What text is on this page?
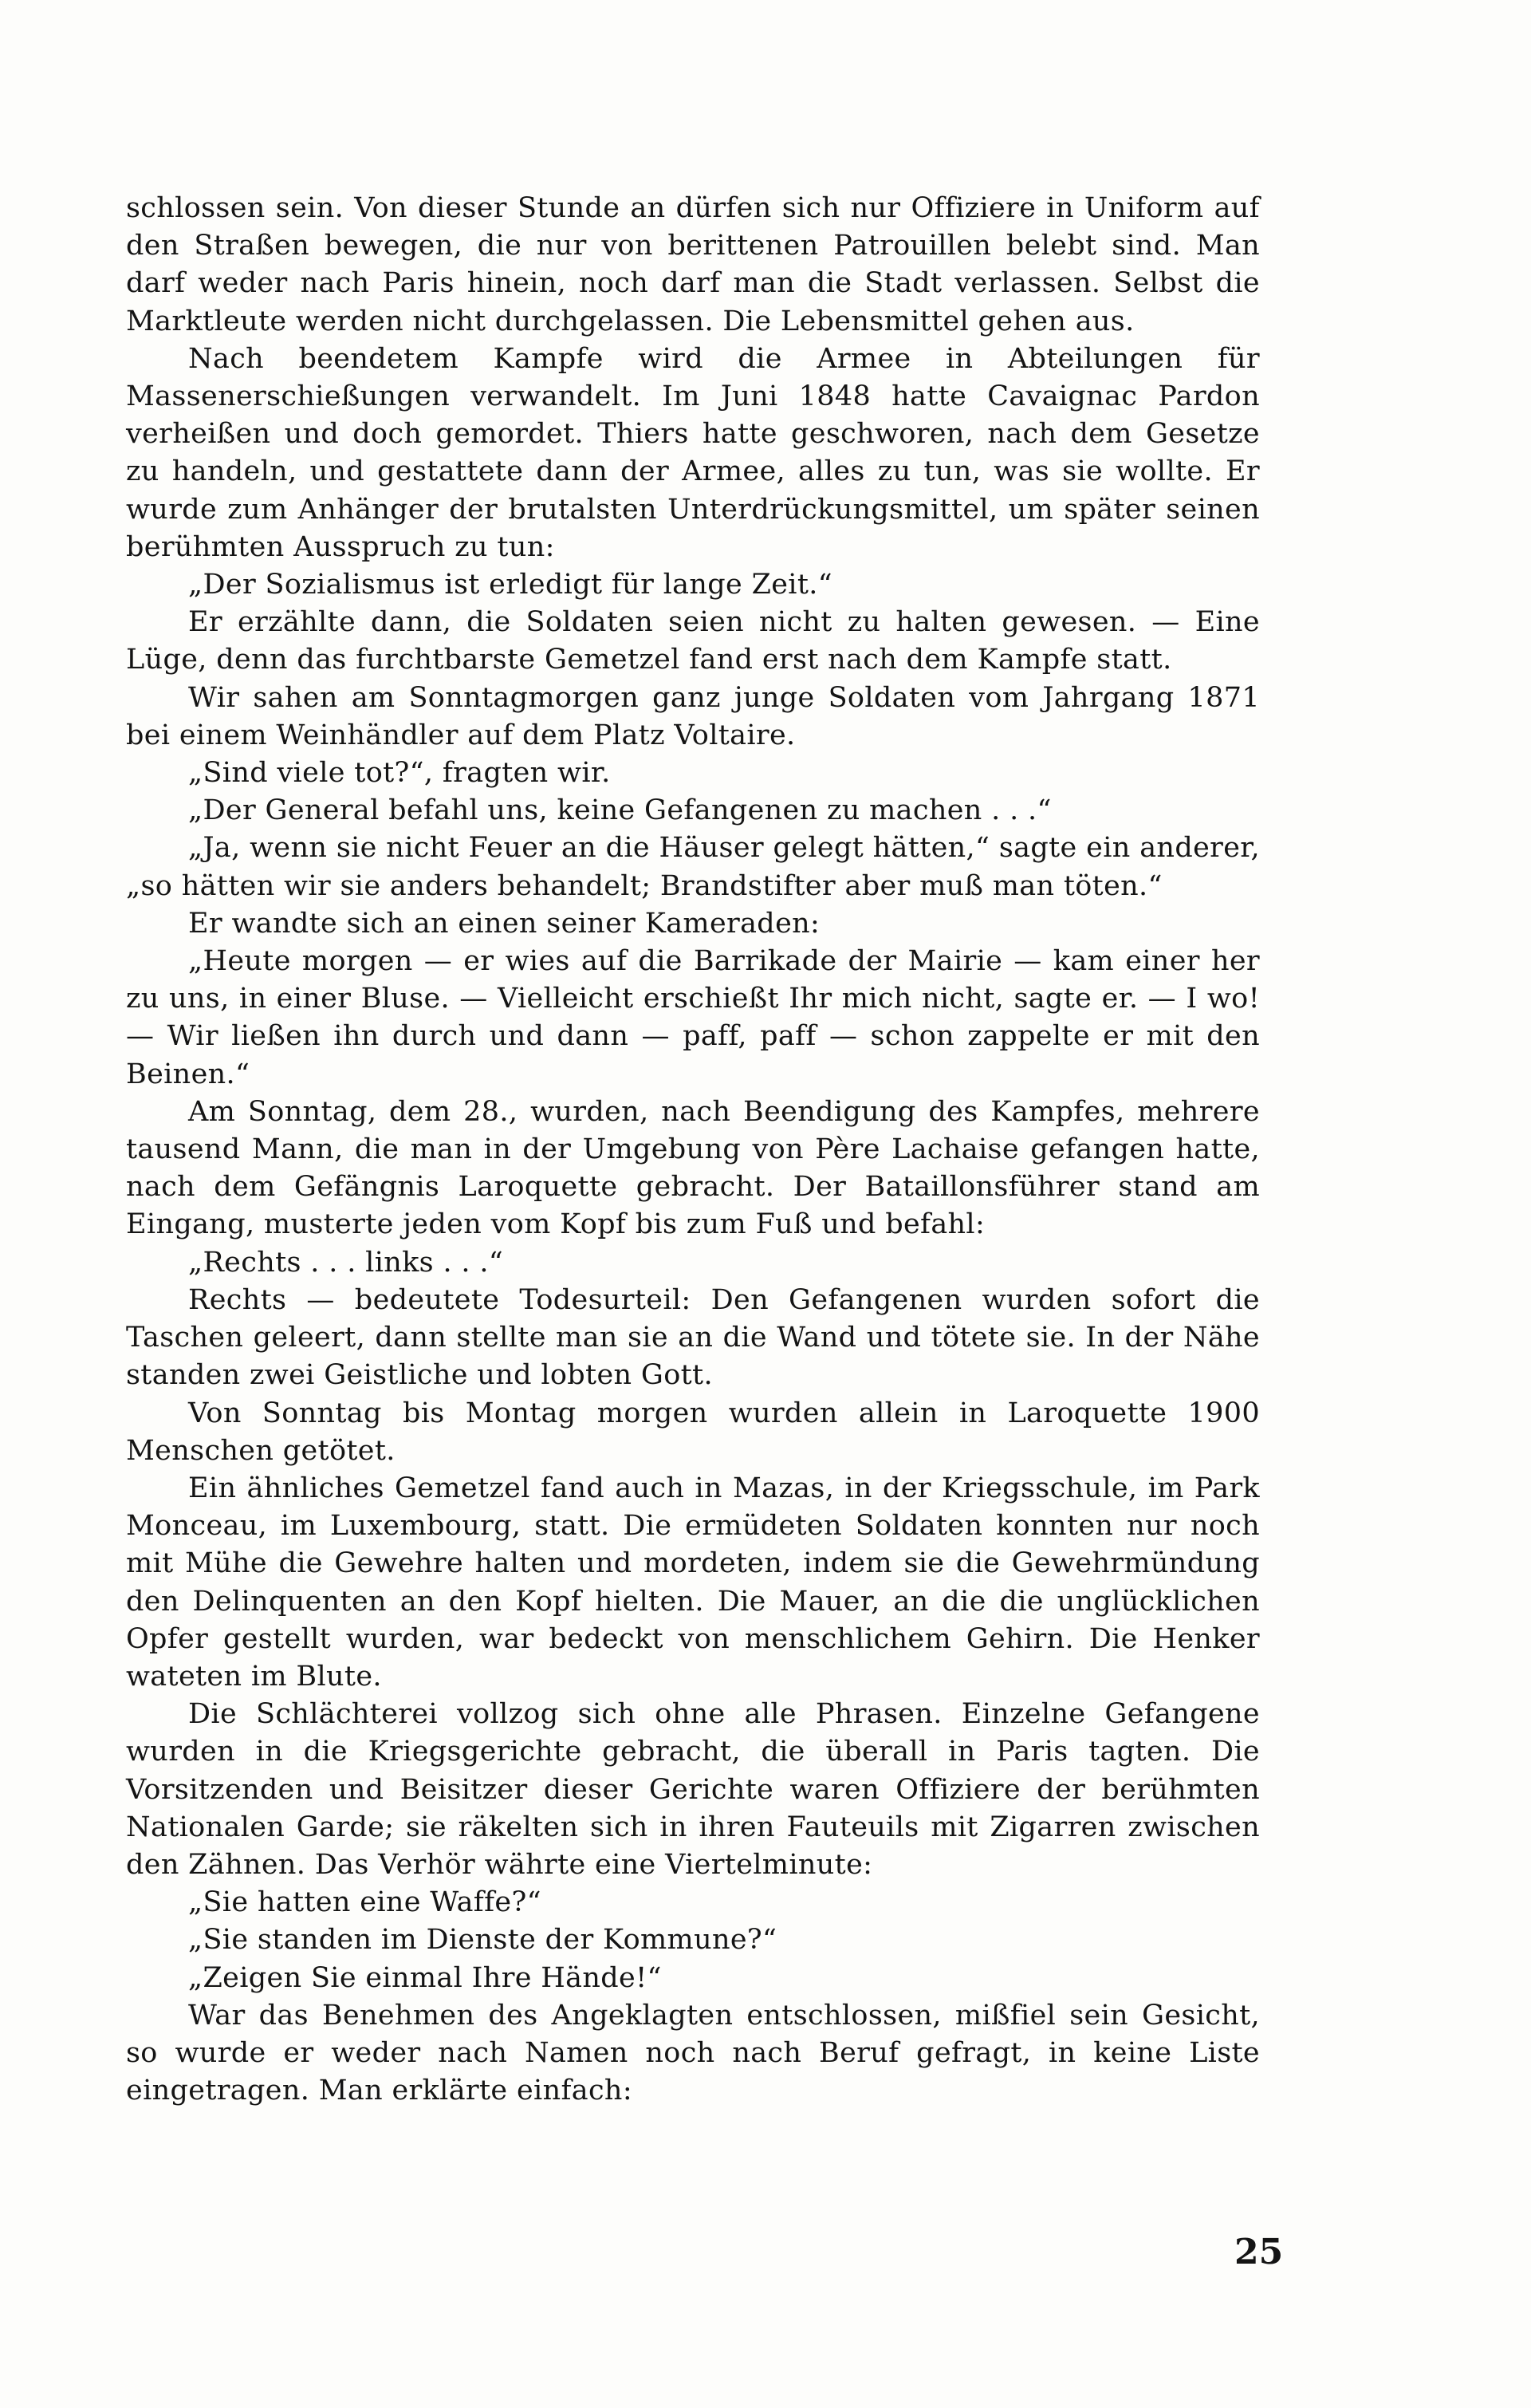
schlossen sein. Von dieser Stunde an dürfen sich nur Offiziere in Uniform auf den Straßen bewegen, die nur von berittenen Patrouillen belebt sind. Man darf weder nach Paris hinein, noch darf man die Stadt verlassen. Selbst die Marktleute werden nicht durchgelassen. Die Lebensmittel gehen aus.

Nach beendetem Kampfe wird die Armee in Abteilungen für Massenerschießungen verwandelt. Im Juni 1848 hatte Cavaignac Pardon verheißen und doch gemordet. Thiers hatte geschworen, nach dem Gesetze zu handeln, und gestattete dann der Armee, alles zu tun, was sie wollte. Er wurde zum Anhänger der brutalsten Unterdrückungsmittel, um später seinen berühmten Ausspruch zu tun:

„Der Sozialismus ist erledigt für lange Zeit.“

Er erzählte dann, die Soldaten seien nicht zu halten gewesen. — Eine Lüge, denn das furchtbarste Gemetzel fand erst nach dem Kampfe statt.

Wir sahen am Sonntagmorgen ganz junge Soldaten vom Jahrgang 1871 bei einem Weinhändler auf dem Platz Voltaire.

„Sind viele tot?“, fragten wir.

„Der General befahl uns, keine Gefangenen zu machen . . .“

„Ja, wenn sie nicht Feuer an die Häuser gelegt hätten,“ sagte ein anderer, „so hätten wir sie anders behandelt; Brandstifter aber muß man töten.“

Er wandte sich an einen seiner Kameraden:

„Heute morgen — er wies auf die Barrikade der Mairie — kam einer her zu uns, in einer Bluse. — Vielleicht erschießt Ihr mich nicht, sagte er. — I wo! — Wir ließen ihn durch und dann — paff, paff — schon zappelte er mit den Beinen.“

Am Sonntag, dem 28., wurden, nach Beendigung des Kampfes, mehrere tausend Mann, die man in der Umgebung von Père Lachaise gefangen hatte, nach dem Gefängnis Laroquette gebracht. Der Bataillonsführer stand am Eingang, musterte jeden vom Kopf bis zum Fuß und befahl:

„Rechts . . . links . . .“

Rechts — bedeutete Todesurteil: Den Gefangenen wurden sofort die Taschen geleert, dann stellte man sie an die Wand und tötete sie. In der Nähe standen zwei Geistliche und lobten Gott.

Von Sonntag bis Montag morgen wurden allein in Laroquette 1900 Menschen getötet.

Ein ähnliches Gemetzel fand auch in Mazas, in der Kriegsschule, im Park Monceau, im Luxembourg, statt. Die ermüdeten Soldaten konnten nur noch mit Mühe die Gewehre halten und mordeten, indem sie die Gewehrmündung den Delinquenten an den Kopf hielten. Die Mauer, an die die unglücklichen Opfer gestellt wurden, war bedeckt von menschlichem Gehirn. Die Henker wateten im Blute.

Die Schlächterei vollzog sich ohne alle Phrasen. Einzelne Gefangene wurden in die Kriegsgerichte gebracht, die überall in Paris tagten. Die Vorsitzenden und Beisitzer dieser Gerichte waren Offiziere der berühmten Nationalen Garde; sie räkelten sich in ihren Fauteuils mit Zigarren zwischen den Zähnen. Das Verhör währte eine Viertelminute:

„Sie hatten eine Waffe?“

„Sie standen im Dienste der Kommune?“

„Zeigen Sie einmal Ihre Hände!“

War das Benehmen des Angeklagten entschlossen, mißfiel sein Gesicht, so wurde er weder nach Namen noch nach Beruf gefragt, in keine Liste eingetragen. Man erklärte einfach:

25
